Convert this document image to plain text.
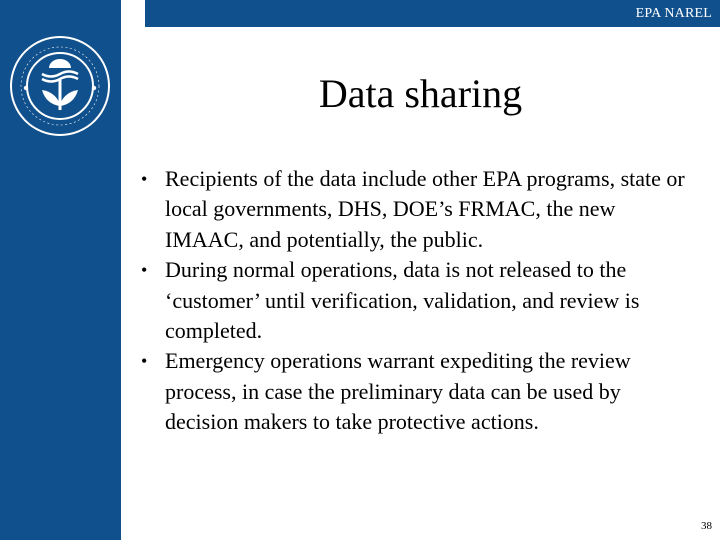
EPA NAREL
Data sharing
• Recipients of the data include other EPA programs, state or local governments, DHS, DOE’s FRMAC, the new IMAAC, and potentially, the public.
• During normal operations, data is not released to the ‘customer’ until verification, validation, and review is completed.
• Emergency operations warrant expediting the review process, in case the preliminary data can be used by decision makers to take protective actions.
38
